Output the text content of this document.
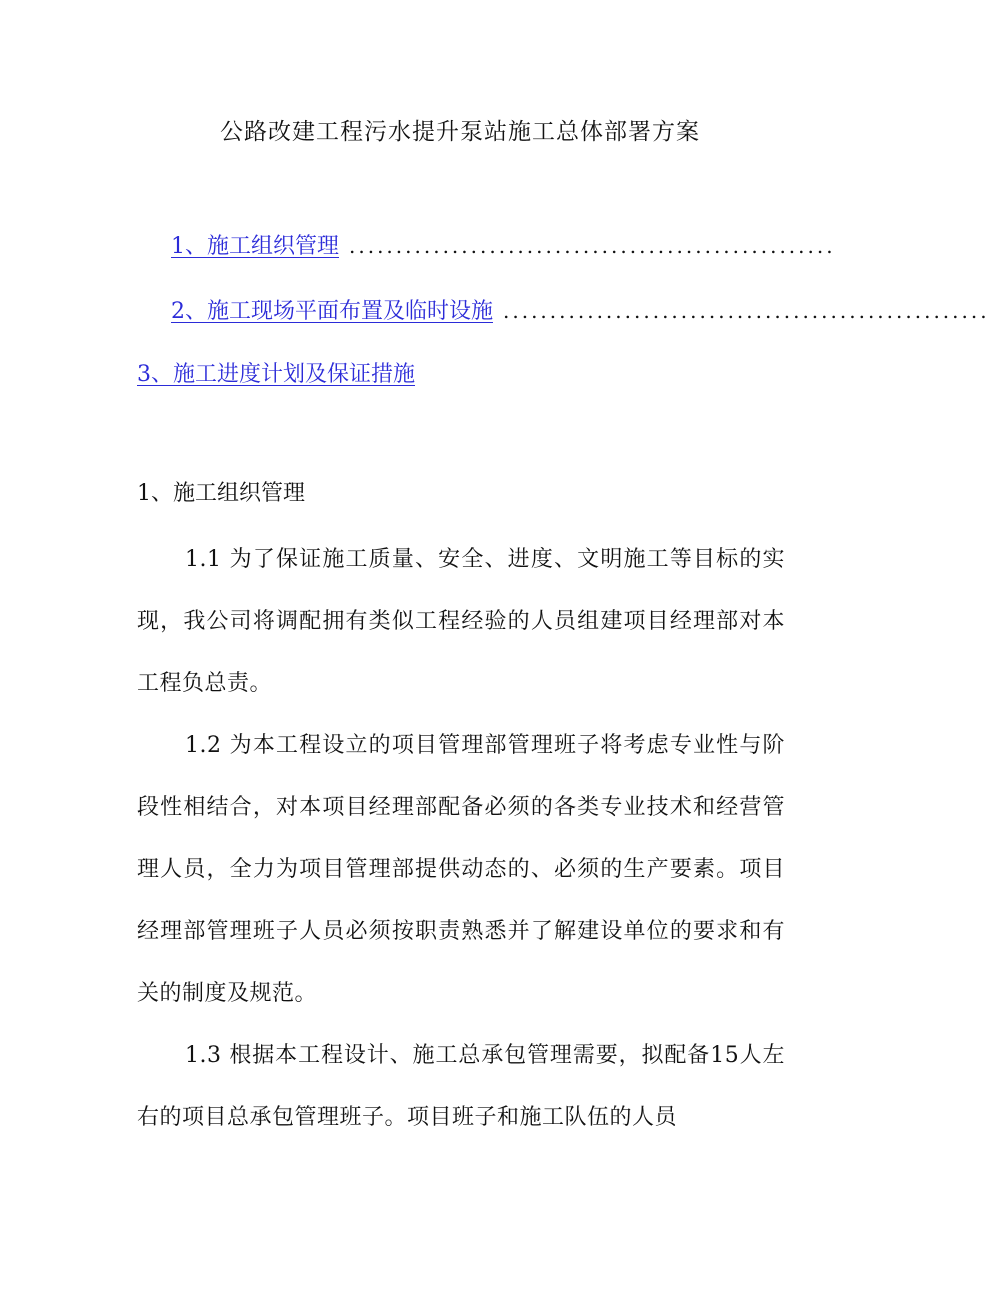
公路改建工程污水提升泵站施工总体部署方案
1、施工组织管理 ....................................................
2、施工现场平面布置及临时设施 ....................................................
3、施工进度计划及保证措施
1、施工组织管理

1.1 为了保证施工质量、安全、进度、文明施工等目标的实现，我公司将调配拥有类似工程经验的人员组建项目经理部对本工程负总责。

1.2 为本工程设立的项目管理部管理班子将考虑专业性与阶段性相结合，对本项目经理部配备必须的各类专业技术和经营管理人员，全力为项目管理部提供动态的、必须的生产要素。项目经理部管理班子人员必须按职责熟悉并了解建设单位的要求和有关的制度及规范。

1.3 根据本工程设计、施工总承包管理需要，拟配备15人左右的项目总承包管理班子。项目班子和施工队伍的人员
